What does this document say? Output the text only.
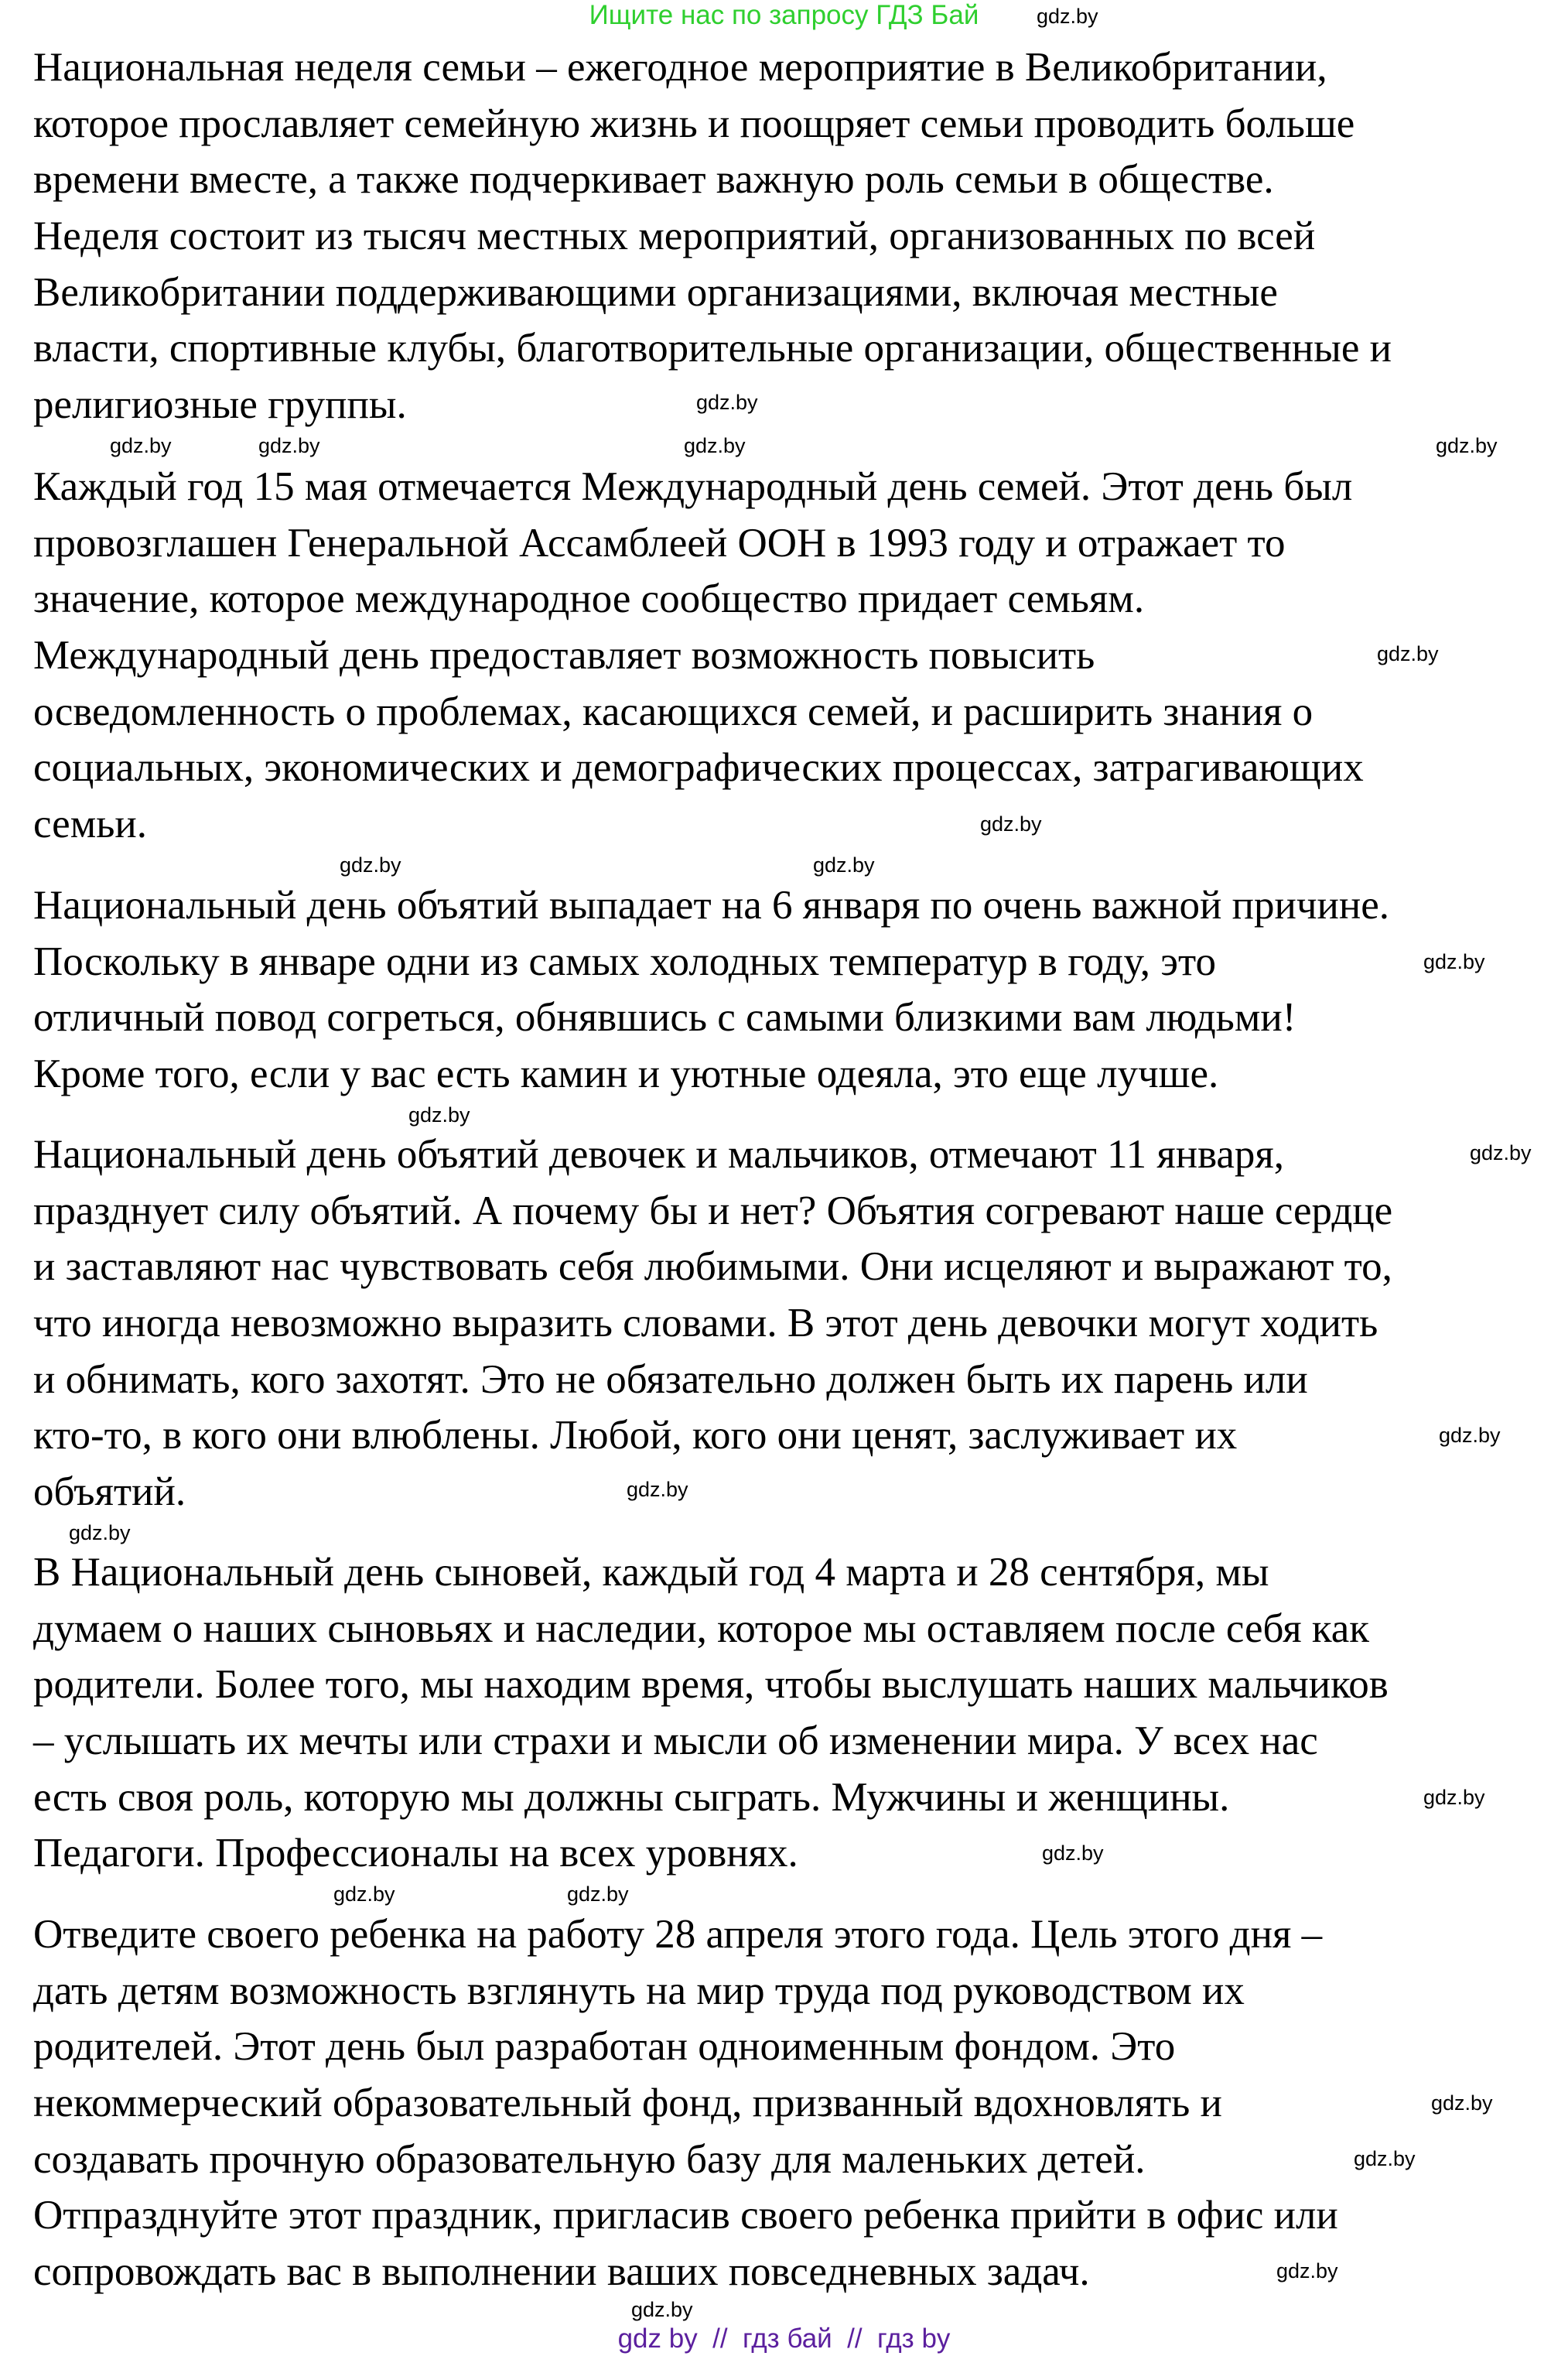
Ищите нас по запросу ГДЗ Бай
Национальная неделя семьи – ежегодное мероприятие в Великобритании,
которое прославляет семейную жизнь и поощряет семьи проводить больше
времени вместе, а также подчеркивает важную роль семьи в обществе.
Неделя состоит из тысяч местных мероприятий, организованных по всей
Великобритании поддерживающими организациями, включая местные
власти, спортивные клубы, благотворительные организации, общественные и
религиозные группы.
Каждый год 15 мая отмечается Международный день семей. Этот день был
провозглашен Генеральной Ассамблеей ООН в 1993 году и отражает то
значение, которое международное сообщество придает семьям.
Международный день предоставляет возможность повысить
осведомленность о проблемах, касающихся семей, и расширить знания о
социальных, экономических и демографических процессах, затрагивающих
семьи.
Национальный день объятий выпадает на 6 января по очень важной причине.
Поскольку в январе одни из самых холодных температур в году, это
отличный повод согреться, обнявшись с самыми близкими вам людьми!
Кроме того, если у вас есть камин и уютные одеяла, это еще лучше.
Национальный день объятий девочек и мальчиков, отмечают 11 января,
празднует силу объятий. А почему бы и нет? Объятия согревают наше сердце
и заставляют нас чувствовать себя любимыми. Они исцеляют и выражают то,
что иногда невозможно выразить словами. В этот день девочки могут ходить
и обнимать, кого захотят. Это не обязательно должен быть их парень или
кто-то, в кого они влюблены. Любой, кого они ценят, заслуживает их
объятий.
В Национальный день сыновей, каждый год 4 марта и 28 сентября, мы
думаем о наших сыновьях и наследии, которое мы оставляем после себя как
родители. Более того, мы находим время, чтобы выслушать наших мальчиков
– услышать их мечты или страхи и мысли об изменении мира. У всех нас
есть своя роль, которую мы должны сыграть. Мужчины и женщины.
Педагоги. Профессионалы на всех уровнях.
Отведите своего ребенка на работу 28 апреля этого года. Цель этого дня –
дать детям возможность взглянуть на мир труда под руководством их
родителей. Этот день был разработан одноименным фондом. Это
некоммерческий образовательный фонд, призванный вдохновлять и
создавать прочную образовательную базу для маленьких детей.
Отпразднуйте этот праздник, пригласив своего ребенка прийти в офис или
сопровождать вас в выполнении ваших повседневных задач.
gdz.by
gdz.by	gdz.by	gdz.by
gdz.by
gdz.by
gdz.by
gdz.by
gdz.by
gdz.by
gdz.by
gdz.by
gdz.by
gdz.by
gdz.by
gdz.by
gdz.by
gdz.by
gdz.by
gdz.by
gdz.by
gdz.by
gdz.by
gdz.by
gdz by  //  гдз бай  //  гдз by
